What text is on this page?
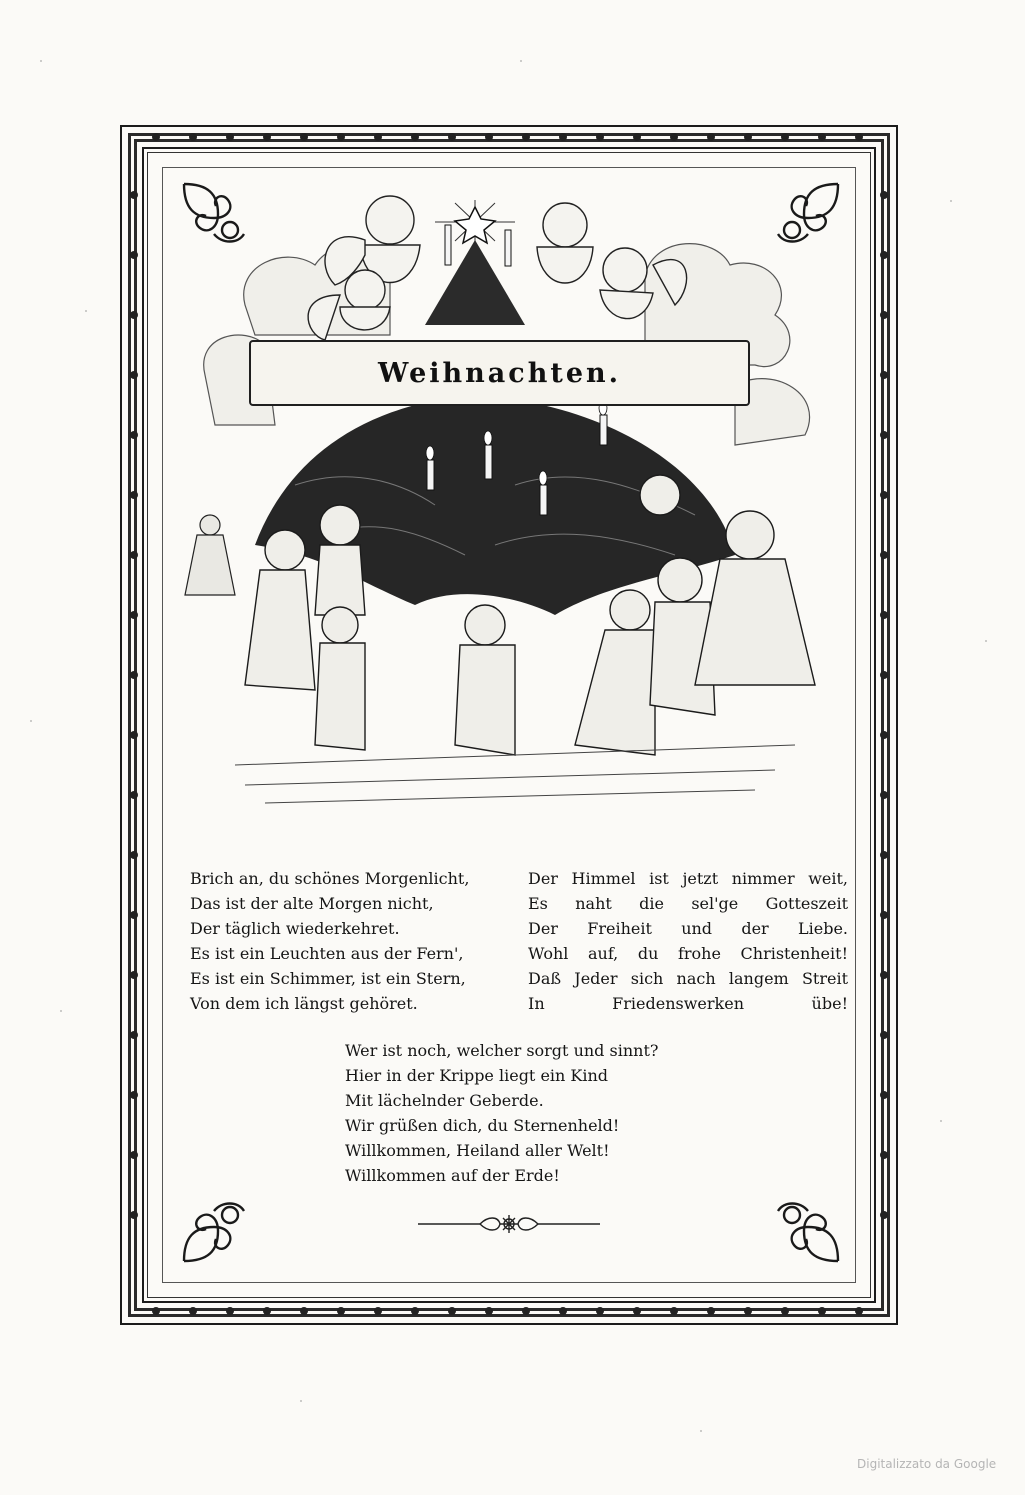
Weihnachten.
Brich an, du schönes Morgenlicht,
Das ist der alte Morgen nicht,
Der täglich wiederkehret.
Es ist ein Leuchten aus der Fern',
Es ist ein Schimmer, ist ein Stern,
Von dem ich längst gehöret.
Der Himmel ist jetzt nimmer weit,
Es naht die sel'ge Gotteszeit
Der Freiheit und der Liebe.
Wohl auf, du frohe Christenheit!
Daß Jeder sich nach langem Streit
In Friedenswerken übe!
Wer ist noch, welcher sorgt und sinnt?
Hier in der Krippe liegt ein Kind
Mit lächelnder Geberde.
Wir grüßen dich, du Sternenheld!
Willkommen, Heiland aller Welt!
Willkommen auf der Erde!
Digitalizzato da Google
